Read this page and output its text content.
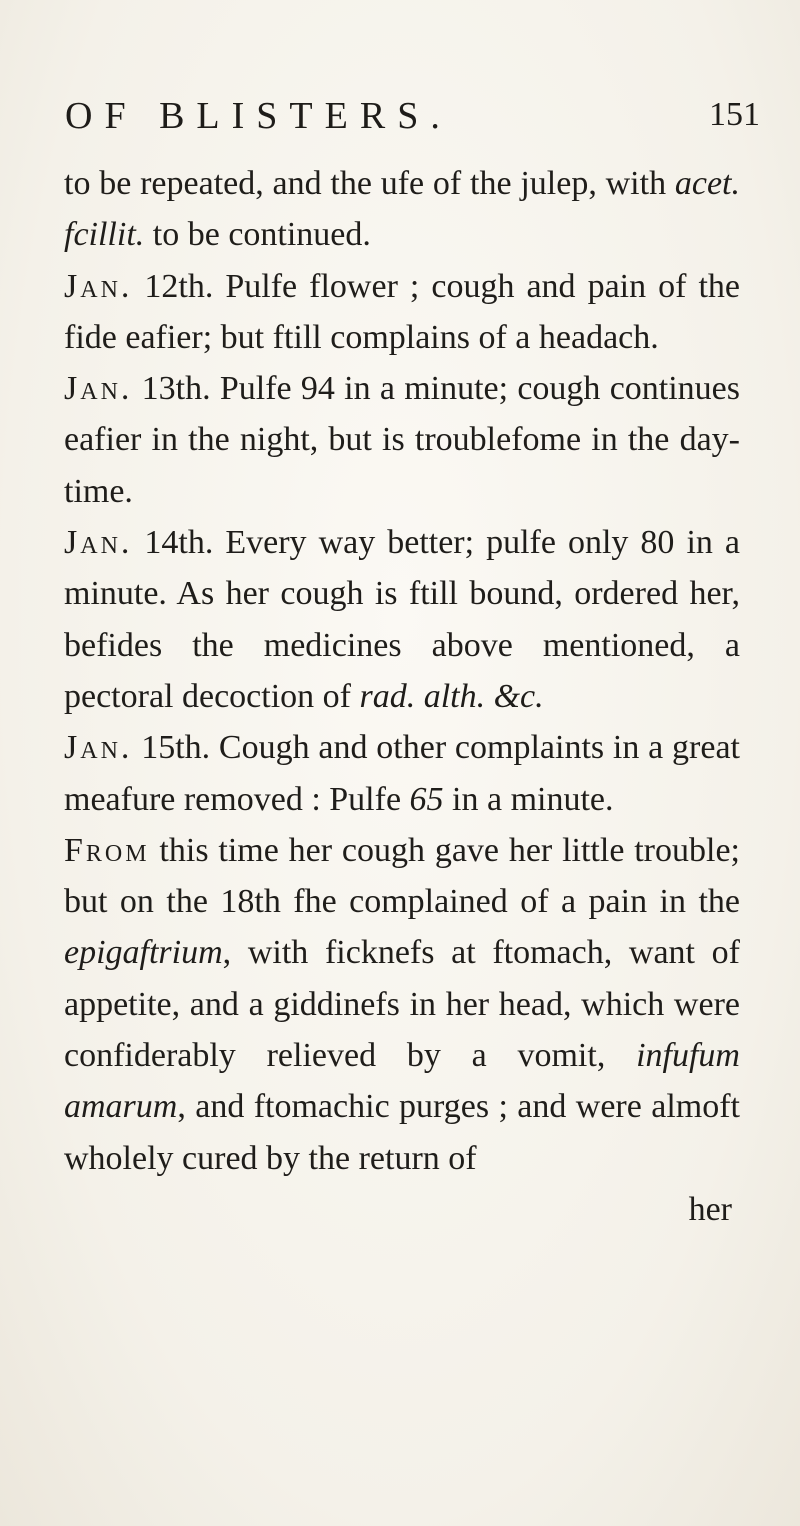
OF BLISTERS.	151

to be repeated, and the ufe of the julep, with acet. fcillit. to be continued.

Jan. 12th. Pulfe flower ; cough and pain of the fide eafier; but ftill complains of a headach.

Jan. 13th. Pulfe 94 in a minute; cough continues eafier in the night, but is troublefome in the day-time.

Jan. 14th. Every way better; pulfe only 80 in a minute. As her cough is ftill bound, ordered her, befides the medicines above mentioned, a pectoral decoction of rad. alth. &c.

Jan. 15th. Cough and other complaints in a great meafure removed : Pulfe 65 in a minute.

From this time her cough gave her little trouble; but on the 18th fhe complained of a pain in the epigaftrium, with ficknefs at ftomach, want of appetite, and a giddinefs in her head, which were confiderably relieved by a vomit, infufum amarum, and ftomachic purges ; and were almoft wholely cured by the return of

her
